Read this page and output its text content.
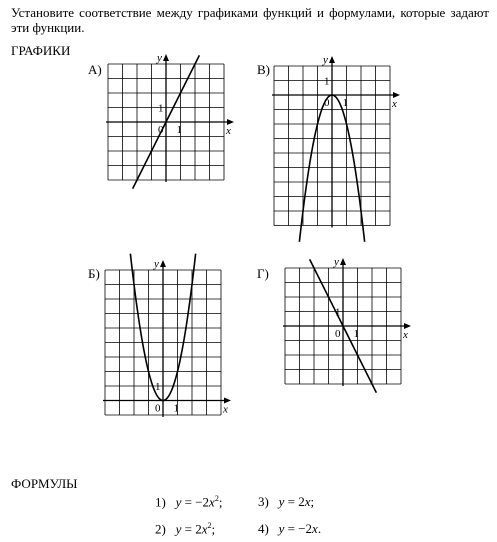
Установите соответствие между графиками функций и формулами, которые задают эти функции.
ГРАФИКИ
А)
x
y
0 1
1
В)
x
y
0 1
1
Б)
x
y
0 1
1
Г)
x
y
0 1
1
ФОРМУЛЫ
1) $y = -2x^2$;	3) y = 2x;
2) $y = 2x^2$;	4) y = −2x.
